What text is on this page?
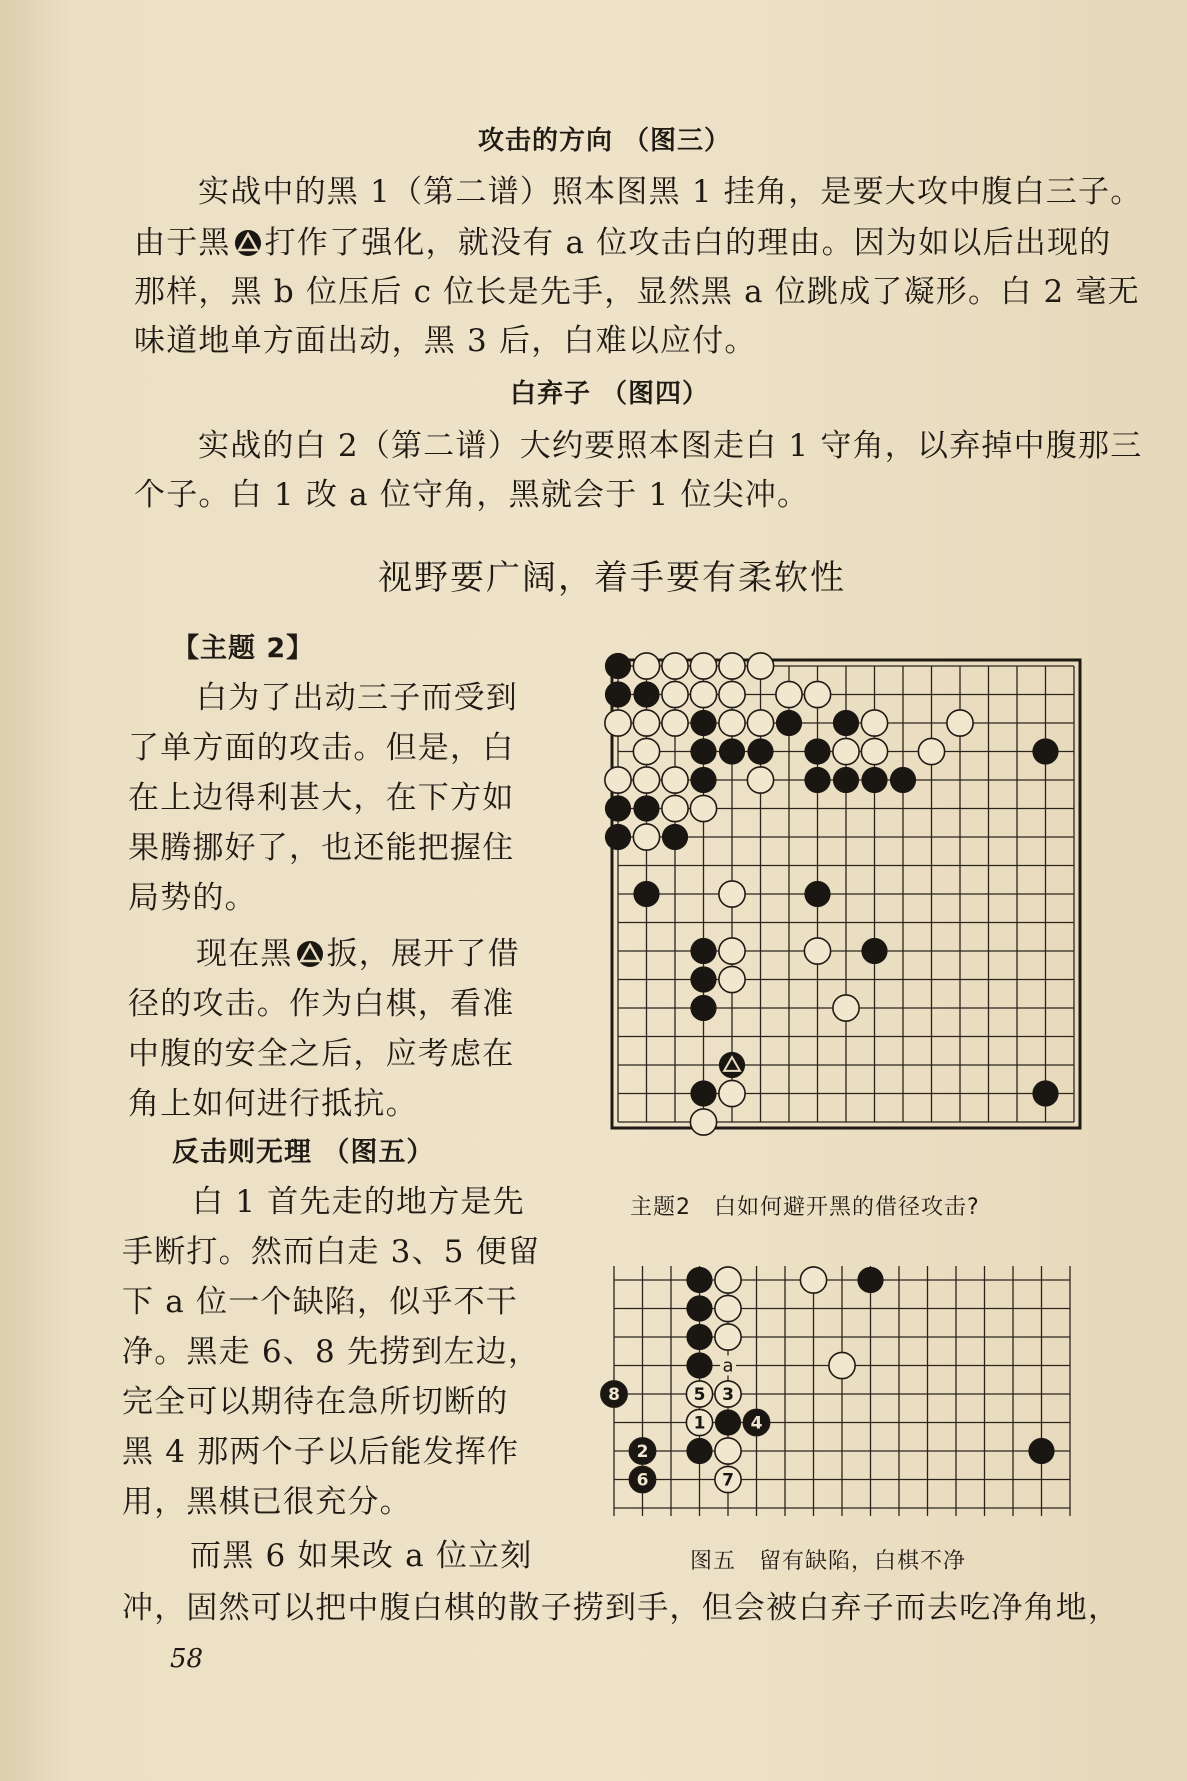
攻击的方向 （图三）
实战中的黑 1（第二谱）照本图黑 1 挂角，是要大攻中腹白三子。
由于黑 打作了强化，就没有 a 位攻击白的理由。因为如以后出现的
那样，黑 b 位压后 c 位长是先手，显然黑 a 位跳成了凝形。白 2 毫无
味道地单方面出动，黑 3 后，白难以应付。
白弃子 （图四）
实战的白 2（第二谱）大约要照本图走白 1 守角，以弃掉中腹那三
个子。白 1 改 a 位守角，黑就会于 1 位尖冲。
视野要广阔，着手要有柔软性
【主题 2】
白为了出动三子而受到
了单方面的攻击。但是，白
在上边得利甚大，在下方如
果腾挪好了，也还能把握住
局势的。
现在黑 扳，展开了借
径的攻击。作为白棋，看准
中腹的安全之后，应考虑在
角上如何进行抵抗。
反击则无理 （图五）
白 1 首先走的地方是先
手断打。然而白走 3、5 便留
下 a 位一个缺陷，似乎不干
净。黑走 6、8 先捞到左边，
完全可以期待在急所切断的
黑 4 那两个子以后能发挥作
用，黑棋已很充分。
而黑 6 如果改 a 位立刻
冲，固然可以把中腹白棋的散子捞到手，但会被白弃子而去吃净角地，
主题2　白如何避开黑的借径攻击?
1
2
3
4
5
6	7
8
a
图五　留有缺陷，白棋不净
58
